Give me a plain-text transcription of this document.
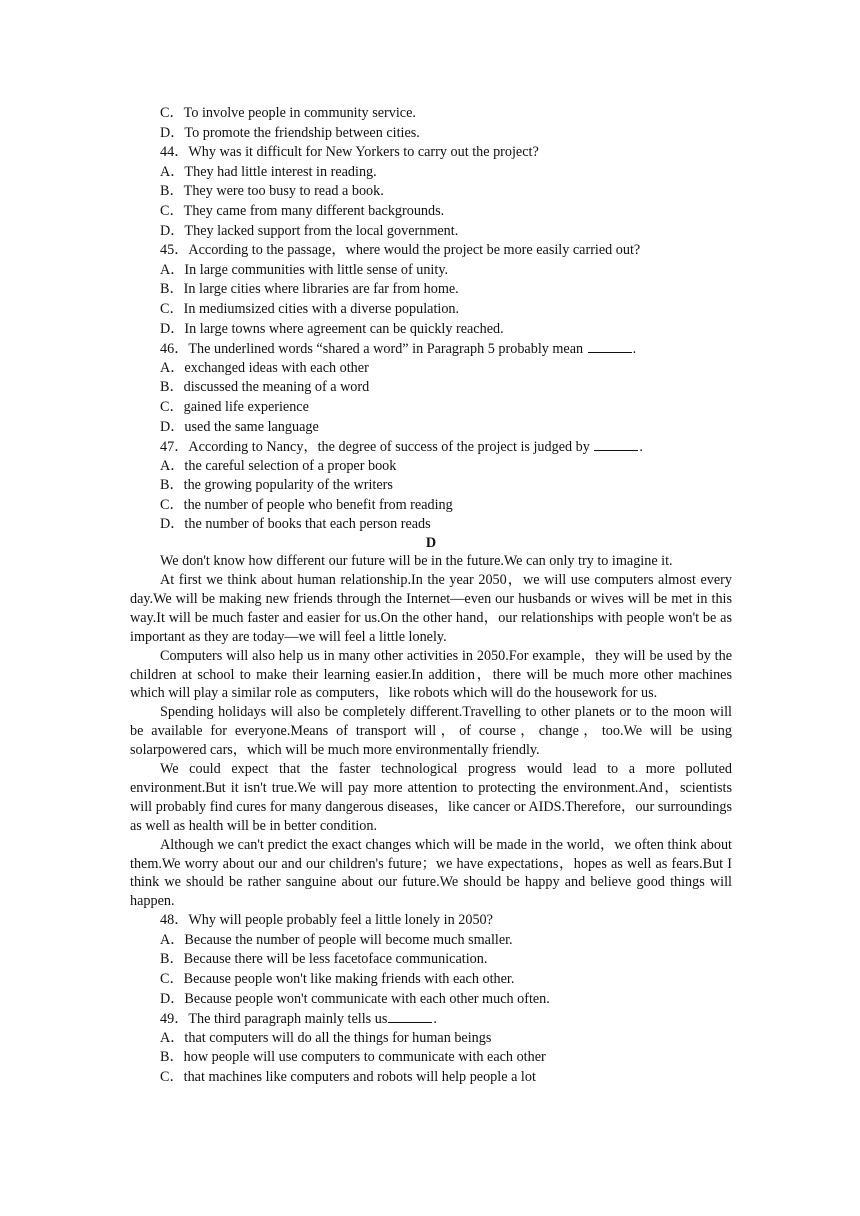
C．To involve people in community service.
D．To promote the friendship between cities.
44．Why was it difficult for New Yorkers to carry out the project?
A．They had little interest in reading.
B．They were too busy to read a book.
C．They came from many different backgrounds.
D．They lacked support from the local government.
45．According to the passage，where would the project be more easily carried out?
A．In large communities with little sense of unity.
B．In large cities where libraries are far from home.
C．In mediumsized cities with a diverse population.
D．In large towns where agreement can be quickly reached.
46．The underlined words “shared a word” in Paragraph 5 probably mean	.
A．exchanged ideas with each other
B．discussed the meaning of a word
C．gained life experience
D．used the same language
47．According to Nancy，the degree of success of the project is judged by	.
A．the careful selection of a proper book
B．the growing popularity of the writers
C．the number of people who benefit from reading
D．the number of books that each person reads
D

We don't know how different our future will be in the future.We can only try to imagine it.

At first we think about human relationship.In the year 2050，we will use computers almost every day.We will be making new friends through the Internet—even our husbands or wives will be met in this way.It will be much faster and easier for us.On the other hand，our relationships with people won't be as important as they are today—we will feel a little lonely.

Computers will also help us in many other activities in 2050.For example，they will be used by the children at school to make their learning easier.In addition，there will be much more other machines which will play a similar role as computers，like robots which will do the housework for us.

Spending holidays will also be completely different.Travelling to other planets or to the moon will be available for everyone.Means of transport will，of course，change，too.We will be using solarpowered cars，which will be much more environmentally friendly.

We could expect that the faster technological progress would lead to a more polluted environment.But it isn't true.We will pay more attention to protecting the environment.And，scientists will probably find cures for many dangerous diseases，like cancer or AIDS.Therefore，our surroundings as well as health will be in better condition.

Although we can't predict the exact changes which will be made in the world，we often think about them.We worry about our and our children's future；we have expectations，hopes as well as fears.But I think we should be rather sanguine about our future.We should be happy and believe good things will happen.

48．Why will people probably feel a little lonely in 2050?
A．Because the number of people will become much smaller.
B．Because there will be less facetoface communication.
C．Because people won't like making friends with each other.
D．Because people won't communicate with each other much often.
49．The third paragraph mainly tells us	.
A．that computers will do all the things for human beings
B．how people will use computers to communicate with each other
C．that machines like computers and robots will help people a lot
